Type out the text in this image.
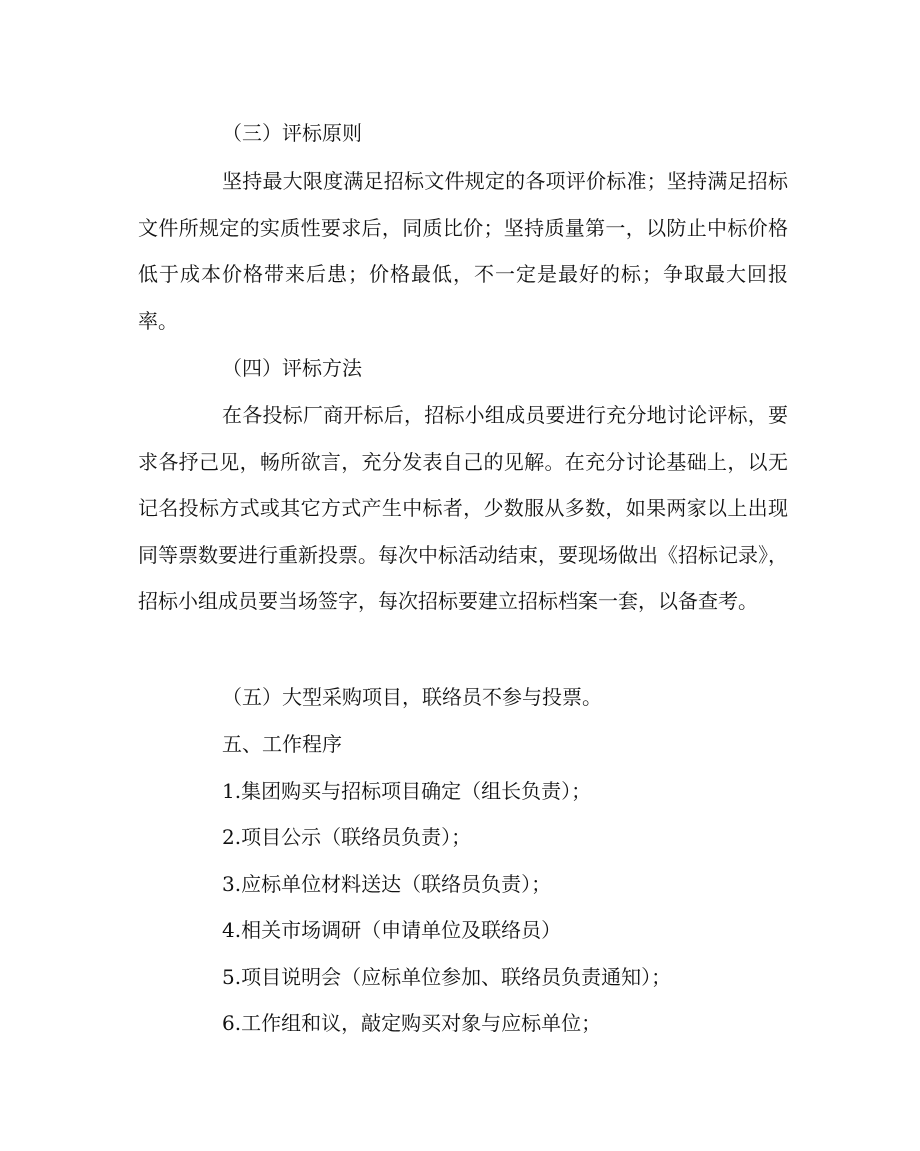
（三）评标原则

坚持最大限度满足招标文件规定的各项评价标准；坚持满足招标文件所规定的实质性要求后，同质比价；坚持质量第一，以防止中标价格低于成本价格带来后患；价格最低，不一定是最好的标；争取最大回报率。

（四）评标方法

在各投标厂商开标后，招标小组成员要进行充分地讨论评标，要求各抒己见，畅所欲言，充分发表自己的见解。在充分讨论基础上，以无记名投标方式或其它方式产生中标者，少数服从多数，如果两家以上出现同等票数要进行重新投票。每次中标活动结束，要现场做出《招标记录》，招标小组成员要当场签字，每次招标要建立招标档案一套，以备查考。

（五）大型采购项目，联络员不参与投票。
五、工作程序
1.集团购买与招标项目确定（组长负责）；
2.项目公示（联络员负责）；
3.应标单位材料送达（联络员负责）；
4.相关市场调研（申请单位及联络员）
5.项目说明会（应标单位参加、联络员负责通知）；
6.工作组和议，敲定购买对象与应标单位；
